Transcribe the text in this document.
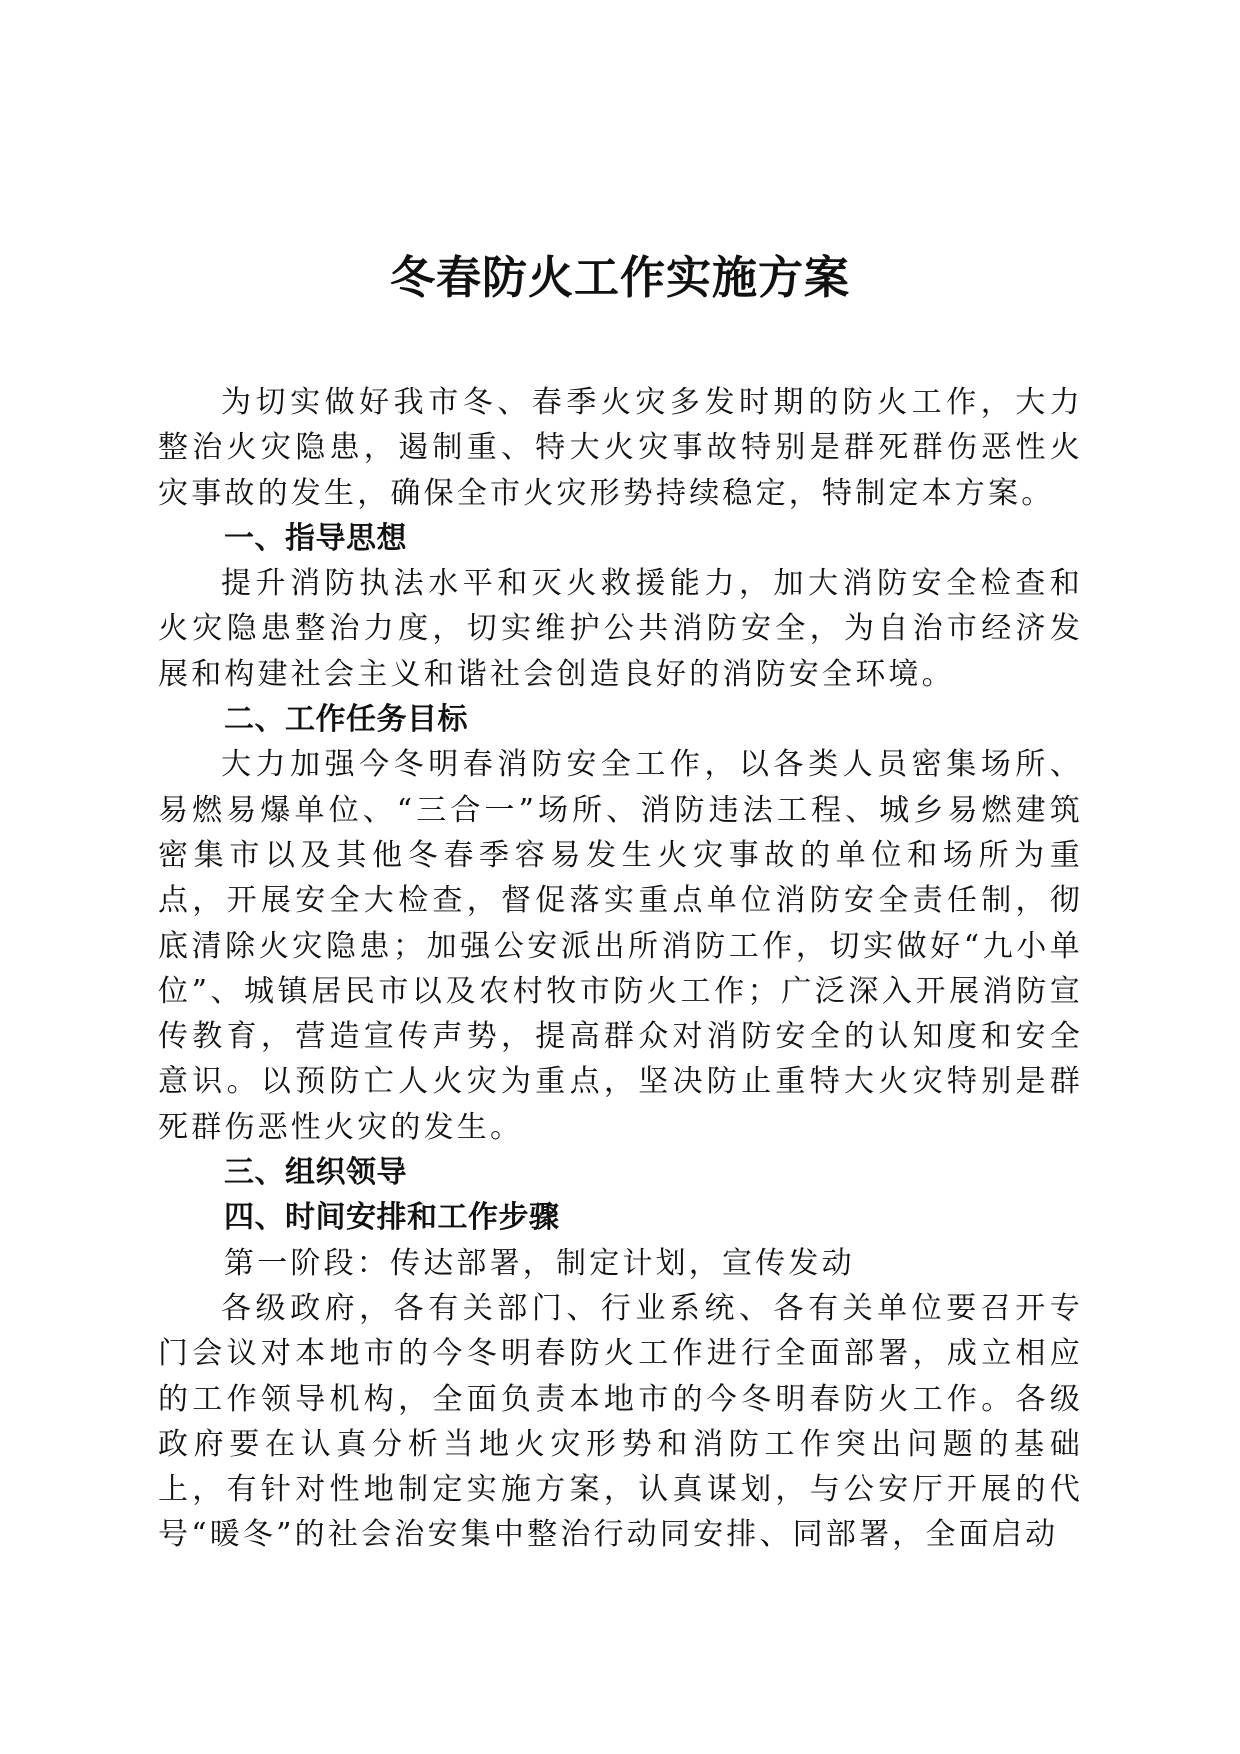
冬春防火工作实施方案

为切实做好我市冬、春季火灾多发时期的防火工作，大力整治火灾隐患，遏制重、特大火灾事故特别是群死群伤恶性火灾事故的发生，确保全市火灾形势持续稳定，特制定本方案。

一、指导思想

提升消防执法水平和灭火救援能力，加大消防安全检查和火灾隐患整治力度，切实维护公共消防安全，为自治市经济发展和构建社会主义和谐社会创造良好的消防安全环境。

二、工作任务目标

大力加强今冬明春消防安全工作，以各类人员密集场所、易燃易爆单位、“三合一”场所、消防违法工程、城乡易燃建筑密集市以及其他冬春季容易发生火灾事故的单位和场所为重点，开展安全大检查，督促落实重点单位消防安全责任制，彻底清除火灾隐患；加强公安派出所消防工作，切实做好“九小单位”、城镇居民市以及农村牧市防火工作；广泛深入开展消防宣传教育，营造宣传声势，提高群众对消防安全的认知度和安全意识。以预防亡人火灾为重点，坚决防止重特大火灾特别是群死群伤恶性火灾的发生。

三、组织领导

四、时间安排和工作步骤

第一阶段：传达部署，制定计划，宣传发动

各级政府，各有关部门、行业系统、各有关单位要召开专门会议对本地市的今冬明春防火工作进行全面部署，成立相应的工作领导机构，全面负责本地市的今冬明春防火工作。各级政府要在认真分析当地火灾形势和消防工作突出问题的基础上，有针对性地制定实施方案，认真谋划，与公安厅开展的代号“暖冬”的社会治安集中整治行动同安排、同部署，全面启动
